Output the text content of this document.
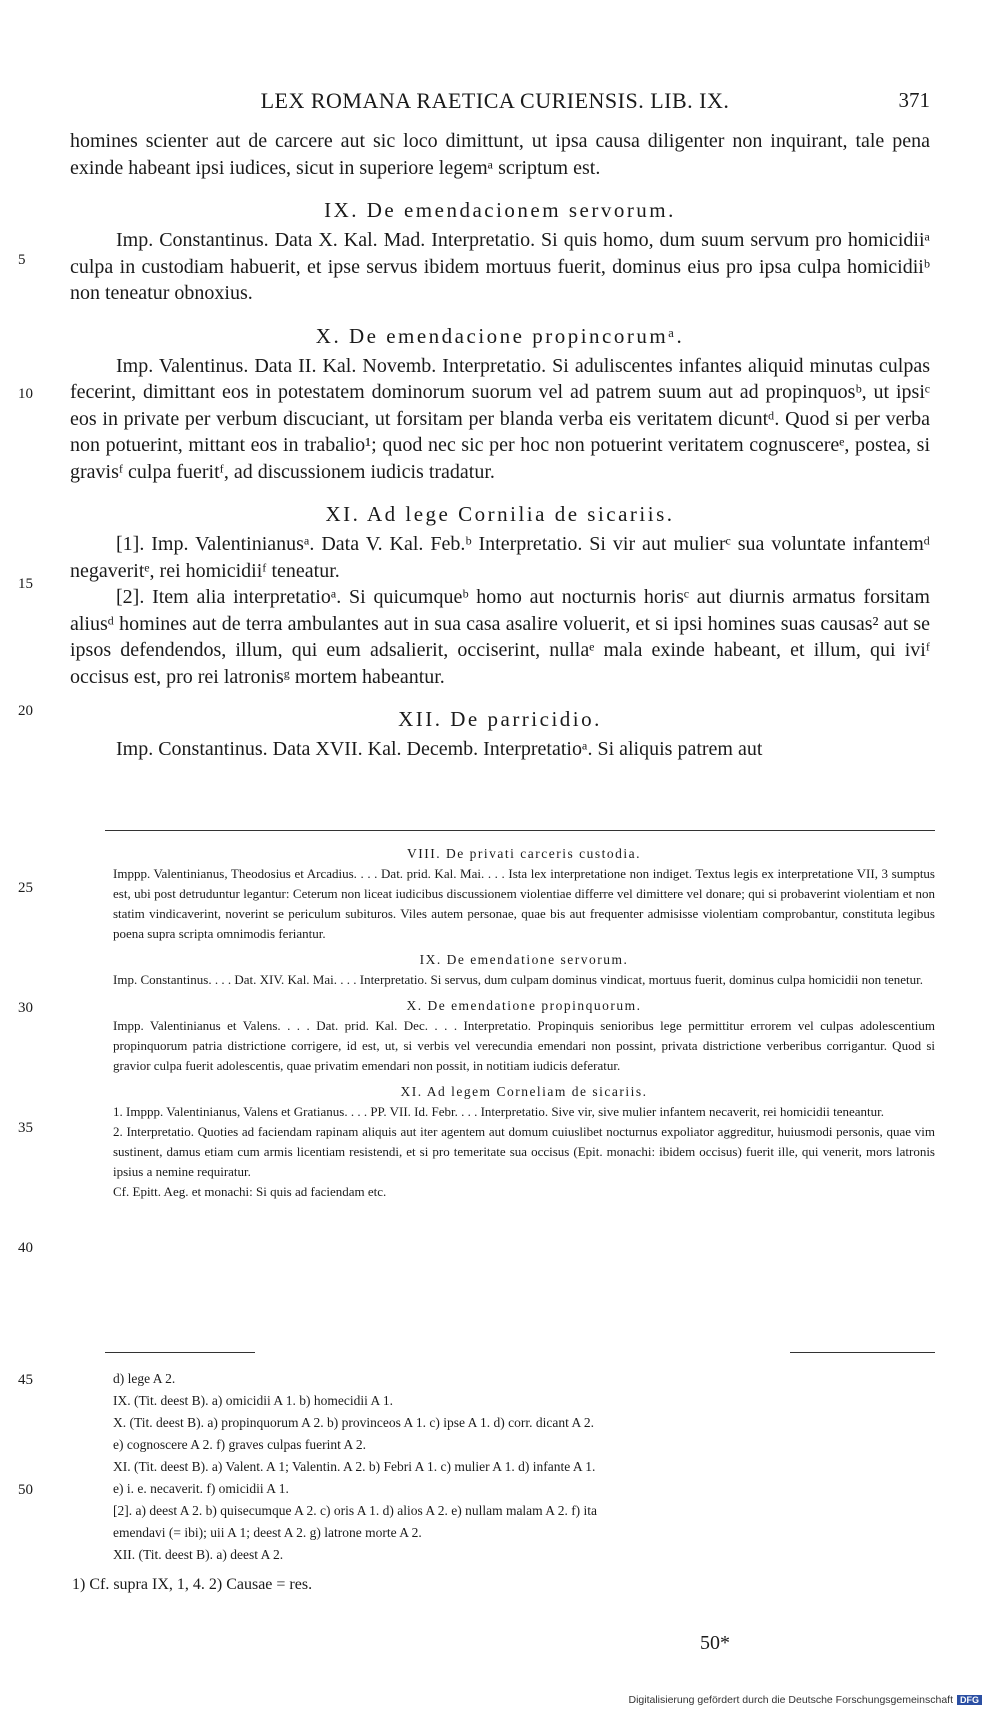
LEX ROMANA RAETICA CURIENSIS. LIB. IX.	371

homines scienter aut de carcere aut sic loco dimittunt, ut ipsa causa diligenter non inquirant, tale pena exinde habeant ipsi iudices, sicut in superiore legemᵃ scriptum est.

IX. De emendacionem servorum.

Imp. Constantinus. Data X. Kal. Mad. Interpretatio. Si quis homo, dum suum servum pro homicidiiᵃ culpa in custodiam habuerit, et ipse servus ibidem mortuus fuerit, dominus eius pro ipsa culpa homicidiiᵇ non teneatur obnoxius.

X. De emendacione propincorumᵃ.

Imp. Valentinus. Data II. Kal. Novemb. Interpretatio. Si aduliscentes infantes aliquid minutas culpas fecerint, dimittant eos in potestatem dominorum suorum vel ad patrem suum aut ad propinquosᵇ, ut ipsiᶜ eos in private per verbum discuciant, ut forsitam per blanda verba eis veritatem dicuntᵈ. Quod si per verba non potuerint, mittant eos in trabalio¹; quod nec sic per hoc non potuerint veritatem cognuscereᵉ, postea, si gravisᶠ culpa fueritᶠ, ad discussionem iudicis tradatur.

XI. Ad lege Cornilia de sicariis.

[1]. Imp. Valentinianusᵃ. Data V. Kal. Feb.ᵇ Interpretatio. Si vir aut mulierᶜ sua voluntate infantemᵈ negaveritᵉ, rei homicidiiᶠ teneatur.

[2]. Item alia interpretatioᵃ. Si quicumqueᵇ homo aut nocturnis horisᶜ aut diurnis armatus forsitam aliusᵈ homines aut de terra ambulantes aut in sua casa asalire voluerit, et si ipsi homines suas causas² aut se ipsos defendendos, illum, qui eum adsalierit, occiserint, nullaᵉ mala exinde habeant, et illum, qui iviᶠ occisus est, pro rei latronisᵍ mortem habeantur.

XII. De parricidio.

Imp. Constantinus. Data XVII. Kal. Decemb. Interpretatioᵃ. Si aliquis patrem aut

5
10
15
20

VIII. De privati carceris custodia.

Imppp. Valentinianus, Theodosius et Arcadius. . . . Dat. prid. Kal. Mai. . . . Ista lex interpretatione non indiget. Textus legis ex interpretatione VII, 3 sumptus est, ubi post detruduntur legantur: Ceterum non liceat iudicibus discussionem violentiae differre vel dimittere vel donare; qui si probaverint violentiam et non statim vindicaverint, noverint se periculum subituros. Viles autem personae, quae bis aut frequenter admisisse violentiam comprobantur, constituta legibus poena supra scripta omnimodis feriantur.

IX. De emendatione servorum.

Imp. Constantinus. . . . Dat. XIV. Kal. Mai. . . . Interpretatio. Si servus, dum culpam dominus vindicat, mortuus fuerit, dominus culpa homicidii non tenetur.

X. De emendatione propinquorum.

Impp. Valentinianus et Valens. . . . Dat. prid. Kal. Dec. . . . Interpretatio. Propinquis senioribus lege permittitur errorem vel culpas adolescentium propinquorum patria districtione corrigere, id est, ut, si verbis vel verecundia emendari non possint, privata districtione verberibus corrigantur. Quod si gravior culpa fuerit adolescentis, quae privatim emendari non possit, in notitiam iudicis deferatur.

XI. Ad legem Corneliam de sicariis.

1. Imppp. Valentinianus, Valens et Gratianus. . . . PP. VII. Id. Febr. . . . Interpretatio. Sive vir, sive mulier infantem necaverit, rei homicidii teneantur.

2. Interpretatio. Quoties ad faciendam rapinam aliquis aut iter agentem aut domum cuiuslibet nocturnus expoliator aggreditur, huiusmodi personis, quae vim sustinent, damus etiam cum armis licentiam resistendi, et si pro temeritate sua occisus (Epit. monachi: ibidem occisus) fuerit ille, qui venerit, mors latronis ipsius a nemine requiratur.

Cf. Epitt. Aeg. et monachi: Si quis ad faciendam etc.

25
30
35
40

d) lege A 2.

IX. (Tit. deest B). a) omicidii A 1. b) homecidii A 1.

X. (Tit. deest B). a) propinquorum A 2. b) provinceos A 1. c) ipse A 1. d) corr. dicant A 2.

e) cognoscere A 2. f) graves culpas fuerint A 2.

XI. (Tit. deest B). a) Valent. A 1; Valentin. A 2. b) Febri A 1. c) mulier A 1. d) infante A 1.

e) i. e. necaverit. f) omicidii A 1.

[2]. a) deest A 2. b) quisecumque A 2. c) oris A 1. d) alios A 2. e) nullam malam A 2. f) ita

emendavi (= ibi); uii A 1; deest A 2. g) latrone morte A 2.

XII. (Tit. deest B). a) deest A 2.

45
50
1) Cf. supra IX, 1, 4. 2) Causae = res.
50*
Digitalisierung gefördert durch die Deutsche Forschungsgemeinschaft DFG
